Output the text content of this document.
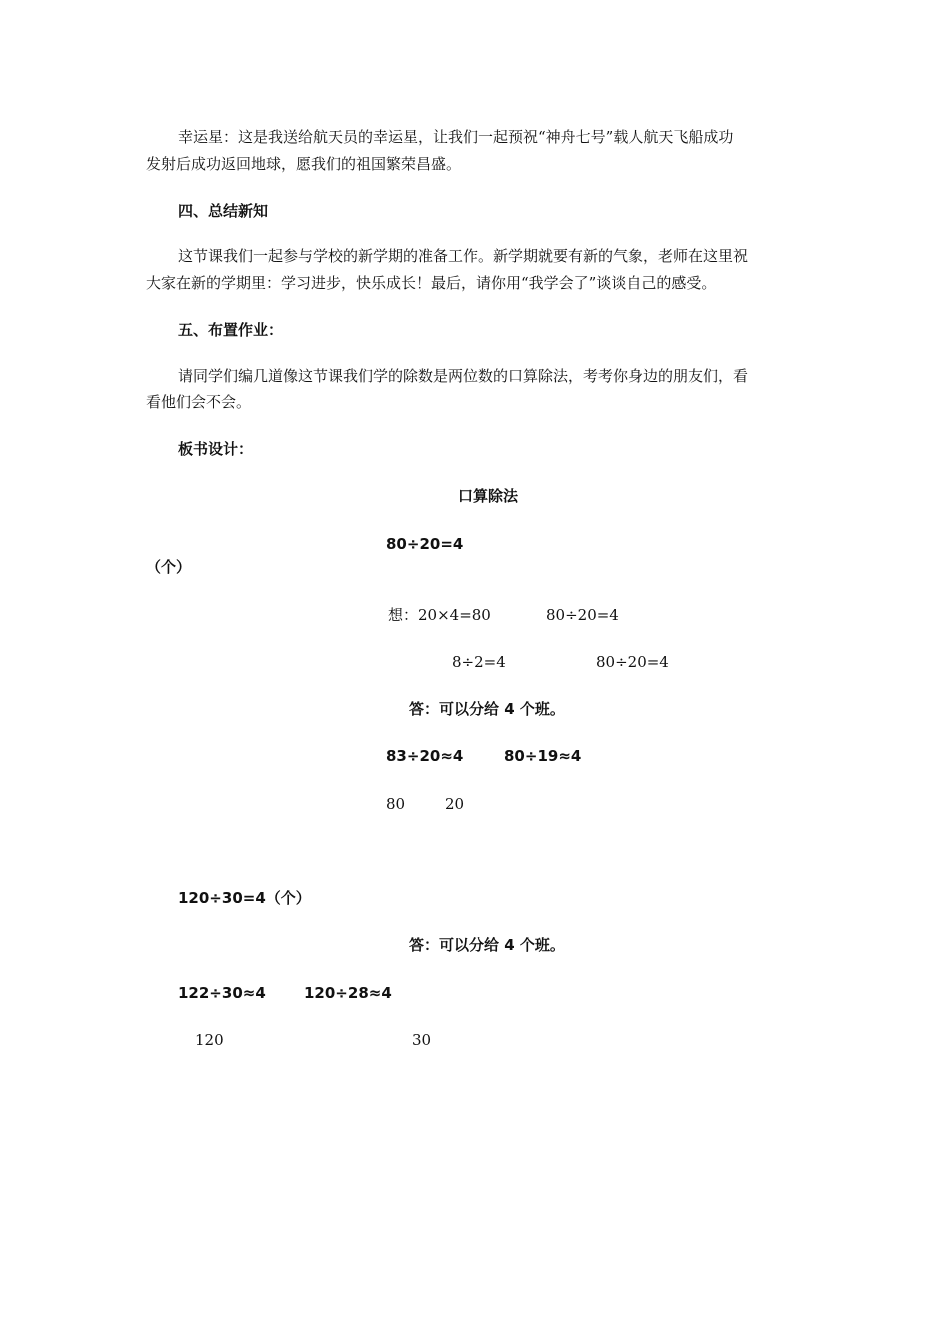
幸运星：这是我送给航天员的幸运星，让我们一起预祝“神舟七号”载人航天飞船成功
发射后成功返回地球，愿我们的祖国繁荣昌盛。
四、总结新知
这节课我们一起参与学校的新学期的准备工作。新学期就要有新的气象，老师在这里祝
大家在新的学期里：学习进步，快乐成长！最后，请你用“我学会了”谈谈自己的感受。
五、布置作业：
请同学们编几道像这节课我们学的除数是两位数的口算除法，考考你身边的朋友们，看
看他们会不会。
板书设计：
口算除法
80÷20=4
（个）
想：20×4=80	80÷20=4
8÷2=4	80÷20=4
答：可以分给 4 个班。
83÷20≈4	80÷19≈4
80	20
120÷30=4（个）
答：可以分给 4 个班。
122÷30≈4	120÷28≈4
120	30
